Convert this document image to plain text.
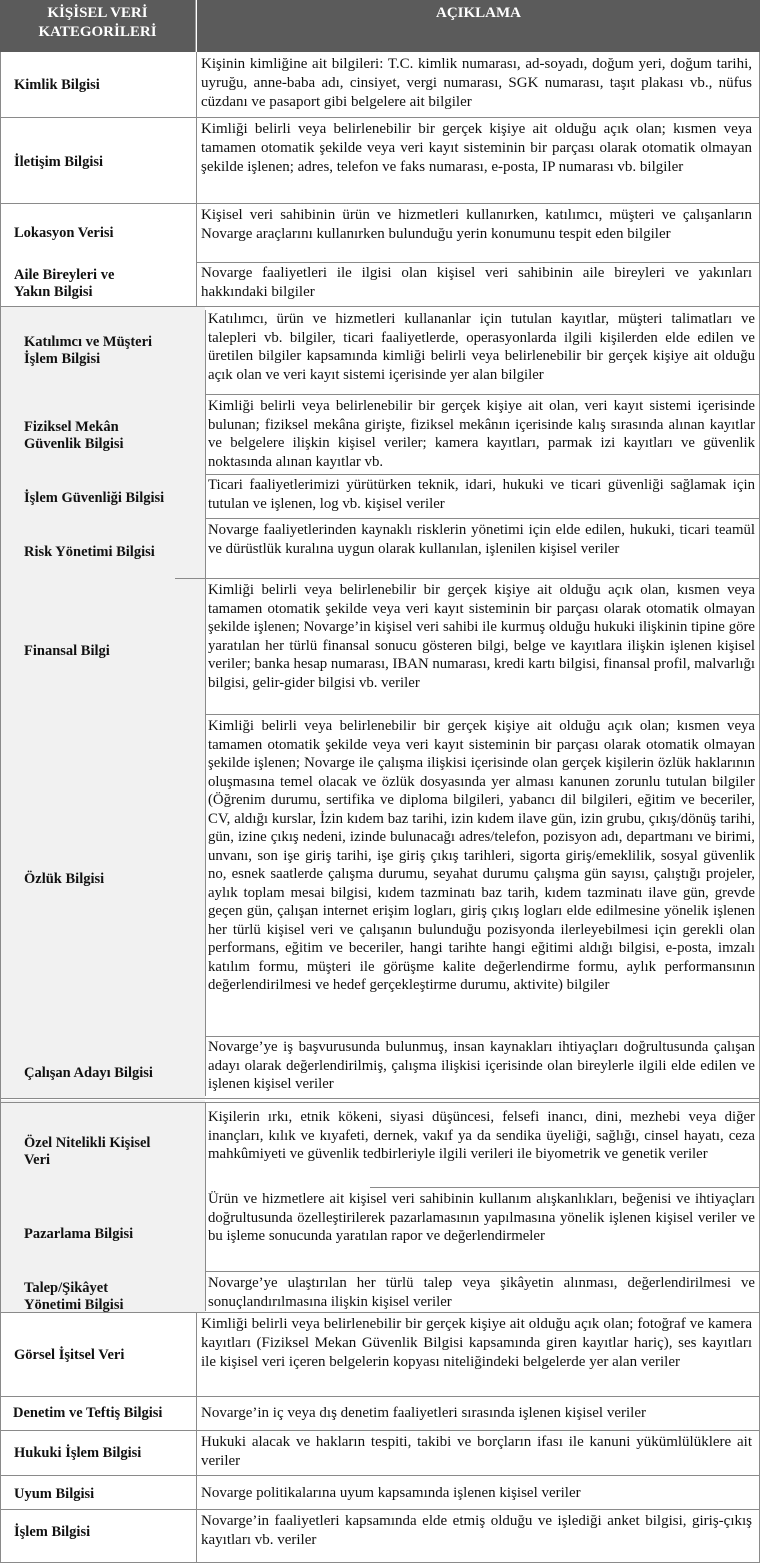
KİŞİSEL VERİ KATEGORİLERİ
AÇIKLAMA
Kimlik Bilgisi
Kişinin kimliğine ait bilgileri: T.C. kimlik numarası, ad-soyadı, doğum yeri, doğum tarihi, uyruğu, anne-baba adı, cinsiyet, vergi numarası, SGK numarası, taşıt plakası vb., nüfus cüzdanı ve pasaport gibi belgelere ait bilgiler
İletişim Bilgisi
Kimliği belirli veya belirlenebilir bir gerçek kişiye ait olduğu açık olan; kısmen veya tamamen otomatik şekilde veya veri kayıt sisteminin bir parçası olarak otomatik olmayan şekilde işlenen; adres, telefon ve faks numarası, e-posta, IP numarası vb. bilgiler
Lokasyon Verisi
Kişisel veri sahibinin ürün ve hizmetleri kullanırken, katılımcı, müşteri ve çalışanların Novarge araçlarını kullanırken bulunduğu yerin konumunu tespit eden bilgiler
Aile Bireyleri ve Yakın Bilgisi
Novarge faaliyetleri ile ilgisi olan kişisel veri sahibinin aile bireyleri ve yakınları hakkındaki bilgiler
Katılımcı ve Müşteri İşlem Bilgisi
Katılımcı, ürün ve hizmetleri kullananlar için tutulan kayıtlar, müşteri talimatları ve talepleri vb. bilgiler, ticari faaliyetlerde, operasyonlarda ilgili kişilerden elde edilen ve üretilen bilgiler kapsamında kimliği belirli veya belirlenebilir bir gerçek kişiye ait olduğu açık olan ve veri kayıt sistemi içerisinde yer alan bilgiler
Fiziksel Mekân Güvenlik Bilgisi
Kimliği belirli veya belirlenebilir bir gerçek kişiye ait olan, veri kayıt sistemi içerisinde bulunan; fiziksel mekâna girişte, fiziksel mekânın içerisinde kalış sırasında alınan kayıtlar ve belgelere ilişkin kişisel veriler; kamera kayıtları, parmak izi kayıtları ve güvenlik noktasında alınan kayıtlar vb.
İşlem Güvenliği Bilgisi
Ticari faaliyetlerimizi yürütürken teknik, idari, hukuki ve ticari güvenliği sağlamak için tutulan ve işlenen, log vb. kişisel veriler
Risk Yönetimi Bilgisi
Novarge faaliyetlerinden kaynaklı risklerin yönetimi için elde edilen, hukuki, ticari teamül ve dürüstlük kuralına uygun olarak kullanılan, işlenilen kişisel veriler
Finansal Bilgi
Kimliği belirli veya belirlenebilir bir gerçek kişiye ait olduğu açık olan, kısmen veya tamamen otomatik şekilde veya veri kayıt sisteminin bir parçası olarak otomatik olmayan şekilde işlenen; Novarge’in kişisel veri sahibi ile kurmuş olduğu hukuki ilişkinin tipine göre yaratılan her türlü finansal sonucu gösteren bilgi, belge ve kayıtlara ilişkin işlenen kişisel veriler; banka hesap numarası, IBAN numarası, kredi kartı bilgisi, finansal profil, malvarlığı bilgisi, gelir-gider bilgisi vb. veriler
Özlük Bilgisi
Kimliği belirli veya belirlenebilir bir gerçek kişiye ait olduğu açık olan; kısmen veya tamamen otomatik şekilde veya veri kayıt sisteminin bir parçası olarak otomatik olmayan şekilde işlenen; Novarge ile çalışma ilişkisi içerisinde olan gerçek kişilerin özlük haklarının oluşmasına temel olacak ve özlük dosyasında yer alması kanunen zorunlu tutulan bilgiler (Öğrenim durumu, sertifika ve diploma bilgileri, yabancı dil bilgileri, eğitim ve beceriler, CV, aldığı kurslar, İzin kıdem baz tarihi, izin kıdem ilave gün, izin grubu, çıkış/dönüş tarihi, gün, izine çıkış nedeni, izinde bulunacağı adres/telefon, pozisyon adı, departmanı ve birimi, unvanı, son işe giriş tarihi, işe giriş çıkış tarihleri, sigorta giriş/emeklilik, sosyal güvenlik no, esnek saatlerde çalışma durumu, seyahat durumu çalışma gün sayısı, çalıştığı projeler, aylık toplam mesai bilgisi, kıdem tazminatı baz tarih, kıdem tazminatı ilave gün, grevde geçen gün, çalışan internet erişim logları, giriş çıkış logları elde edilmesine yönelik işlenen her türlü kişisel veri ve çalışanın bulunduğu pozisyonda ilerleyebilmesi için gerekli olan performans, eğitim ve beceriler, hangi tarihte hangi eğitimi aldığı bilgisi, e-posta, imzalı katılım formu, müşteri ile görüşme kalite değerlendirme formu, aylık performansının değerlendirilmesi ve hedef gerçekleştirme durumu, aktivite) bilgiler
Çalışan Adayı Bilgisi
Novarge’ye iş başvurusunda bulunmuş, insan kaynakları ihtiyaçları doğrultusunda çalışan adayı olarak değerlendirilmiş, çalışma ilişkisi içerisinde olan bireylerle ilgili elde edilen ve işlenen kişisel veriler
Özel Nitelikli Kişisel Veri
Kişilerin ırkı, etnik kökeni, siyasi düşüncesi, felsefi inancı, dini, mezhebi veya diğer inançları, kılık ve kıyafeti, dernek, vakıf ya da sendika üyeliği, sağlığı, cinsel hayatı, ceza mahkûmiyeti ve güvenlik tedbirleriyle ilgili verileri ile biyometrik ve genetik veriler
Pazarlama Bilgisi
Ürün ve hizmetlere ait kişisel veri sahibinin kullanım alışkanlıkları, beğenisi ve ihtiyaçları doğrultusunda özelleştirilerek pazarlamasının yapılmasına yönelik işlenen kişisel veriler ve bu işleme sonucunda yaratılan rapor ve değerlendirmeler
Talep/Şikâyet Yönetimi Bilgisi
Novarge’ye ulaştırılan her türlü talep veya şikâyetin alınması, değerlendirilmesi ve sonuçlandırılmasına ilişkin kişisel veriler
Görsel İşitsel Veri
Kimliği belirli veya belirlenebilir bir gerçek kişiye ait olduğu açık olan; fotoğraf ve kamera kayıtları (Fiziksel Mekan Güvenlik Bilgisi kapsamında giren kayıtlar hariç), ses kayıtları ile kişisel veri içeren belgelerin kopyası niteliğindeki belgelerde yer alan veriler
Denetim ve Teftiş Bilgisi	Novarge’in iç veya dış denetim faaliyetleri sırasında işlenen kişisel veriler
Hukuki İşlem Bilgisi
Hukuki alacak ve hakların tespiti, takibi ve borçların ifası ile kanuni yükümlülüklere ait veriler
Uyum Bilgisi	Novarge politikalarına uyum kapsamında işlenen kişisel veriler
İşlem Bilgisi
Novarge’in faaliyetleri kapsamında elde etmiş olduğu ve işlediği anket bilgisi, giriş-çıkış kayıtları vb. veriler
